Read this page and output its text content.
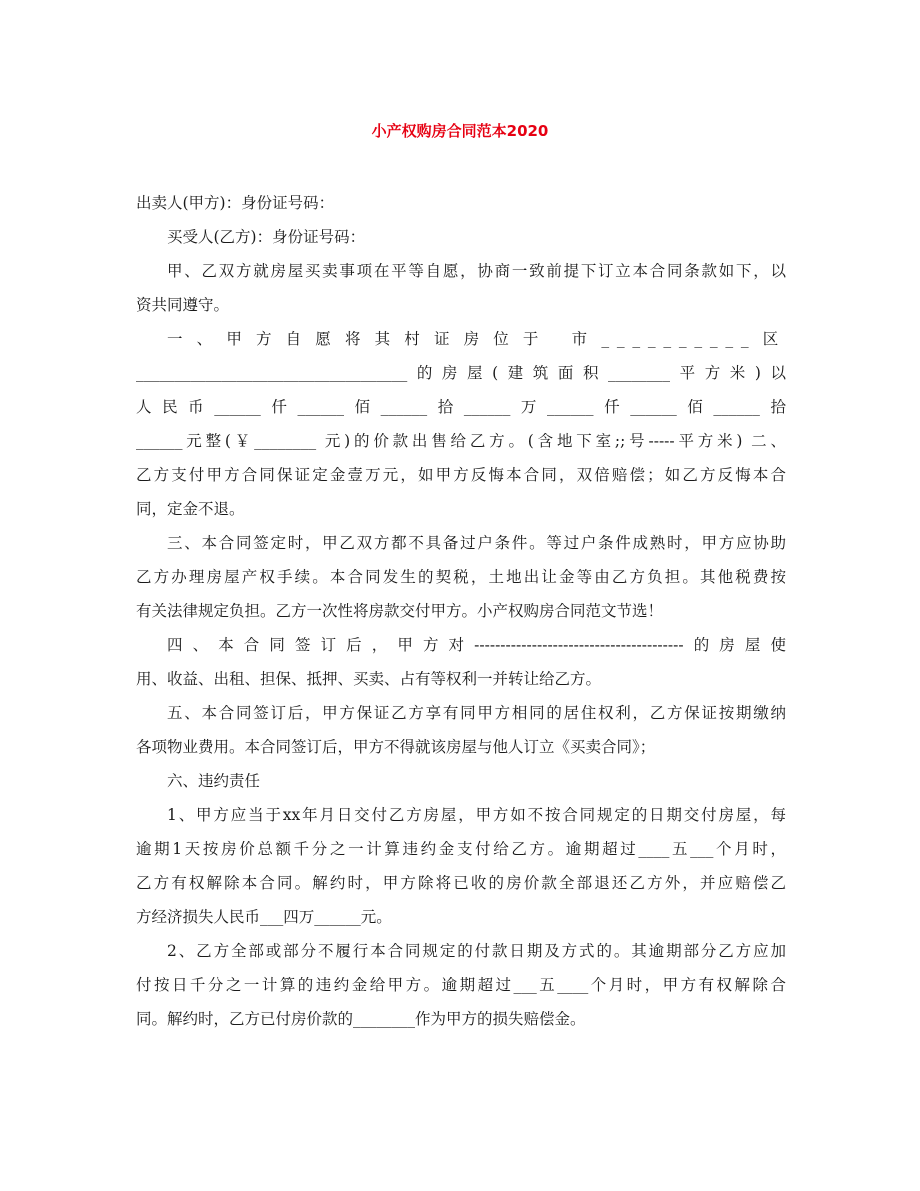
小产权购房合同范本2020
出卖人(甲方)：身份证号码：
买受人(乙方)：身份证号码：
甲、乙双方就房屋买卖事项在平等自愿，协商一致前提下订立本合同条款如下，以
资共同遵守。
一、甲方自愿将其村证房位于 市__________区
___________________________________的房屋(建筑面积________平方米)以
人民币______仟______佰______拾______万______仟______佰______拾
______元整(￥________ 元)的价款出售给乙方。(含地下室;;号-----平方米) 二、
乙方支付甲方合同保证定金壹万元，如甲方反悔本合同，双倍赔偿；如乙方反悔本合
同，定金不退。
三、本合同签定时，甲乙双方都不具备过户条件。等过户条件成熟时，甲方应协助
乙方办理房屋产权手续。本合同发生的契税，土地出让金等由乙方负担。其他税费按
有关法律规定负担。乙方一次性将房款交付甲方。小产权购房合同范文节选！
四、本合同签订后，甲方对----------------------------------------的房屋使
用、收益、出租、担保、抵押、买卖、占有等权利一并转让给乙方。
五、本合同签订后，甲方保证乙方享有同甲方相同的居住权利，乙方保证按期缴纳
各项物业费用。本合同签订后，甲方不得就该房屋与他人订立《买卖合同》；
六、违约责任
1、甲方应当于xx年月日交付乙方房屋，甲方如不按合同规定的日期交付房屋，每
逾期1天按房价总额千分之一计算违约金支付给乙方。逾期超过____五___个月时，
乙方有权解除本合同。解约时，甲方除将已收的房价款全部退还乙方外，并应赔偿乙
方经济损失人民币___四万______元。
2、乙方全部或部分不履行本合同规定的付款日期及方式的。其逾期部分乙方应加
付按日千分之一计算的违约金给甲方。逾期超过___五____个月时，甲方有权解除合
同。解约时，乙方已付房价款的________作为甲方的损失赔偿金。
